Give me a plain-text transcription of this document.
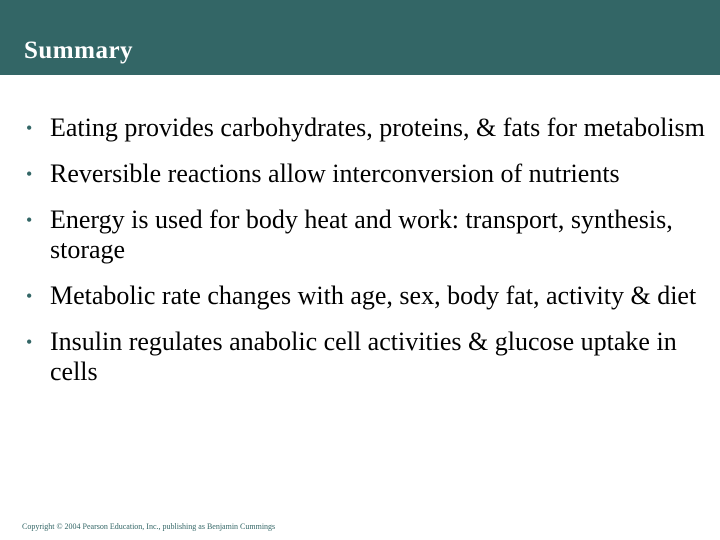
Summary
• Eating provides carbohydrates, proteins, & fats for metabolism
• Reversible reactions allow interconversion of nutrients
• Energy is used for body heat and work: transport, synthesis, storage
• Metabolic rate changes with age, sex, body fat, activity & diet
• Insulin regulates anabolic cell activities & glucose uptake in cells
Copyright © 2004 Pearson Education, Inc., publishing as Benjamin Cummings
